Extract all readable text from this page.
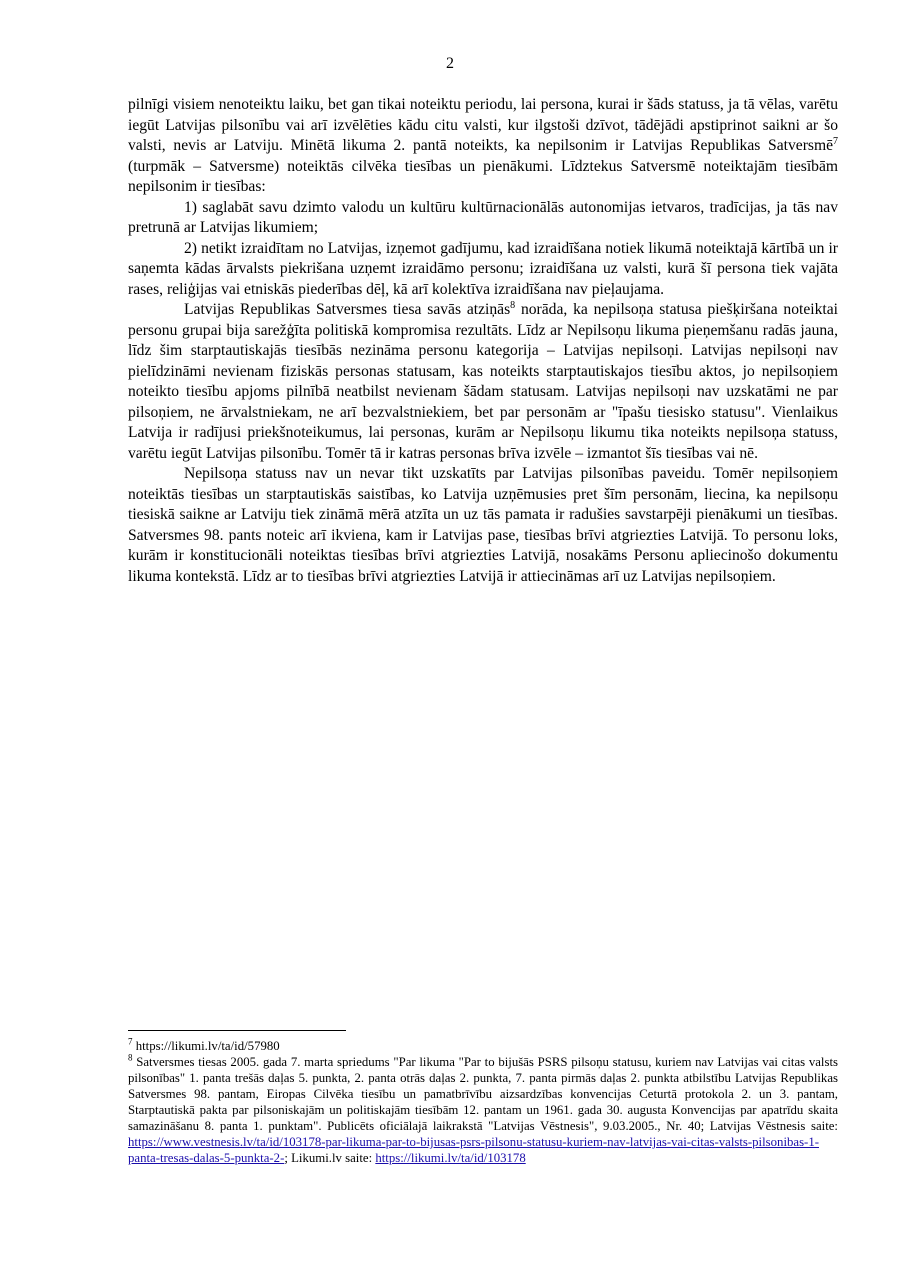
2

pilnīgi visiem nenoteiktu laiku, bet gan tikai noteiktu periodu, lai persona, kurai ir šāds statuss, ja tā vēlas, varētu iegūt Latvijas pilsonību vai arī izvēlēties kādu citu valsti, kur ilgstoši dzīvot, tādējādi apstiprinot saikni ar šo valsti, nevis ar Latviju. Minētā likuma 2. pantā noteikts, ka nepilsonim ir Latvijas Republikas Satversmē$^7$ (turpmāk – Satversme) noteiktās cilvēka tiesības un pienākumi. Līdztekus Satversmē noteiktajām tiesībām nepilsonim ir tiesības:

1) saglabāt savu dzimto valodu un kultūru kultūrnacionālās autonomijas ietvaros, tradīcijas, ja tās nav pretrunā ar Latvijas likumiem;

2) netikt izraidītam no Latvijas, izņemot gadījumu, kad izraidīšana notiek likumā noteiktajā kārtībā un ir saņemta kādas ārvalsts piekrišana uzņemt izraidāmo personu; izraidīšana uz valsti, kurā šī persona tiek vajāta rases, reliģijas vai etniskās piederības dēļ, kā arī kolektīva izraidīšana nav pieļaujama.

Latvijas Republikas Satversmes tiesa savās atziņās$^8$ norāda, ka nepilsoņa statusa piešķiršana noteiktai personu grupai bija sarežģīta politiskā kompromisa rezultāts. Līdz ar Nepilsoņu likuma pieņemšanu radās jauna, līdz šim starptautiskajās tiesībās nezināma personu kategorija – Latvijas nepilsoņi. Latvijas nepilsoņi nav pielīdzināmi nevienam fiziskās personas statusam, kas noteikts starptautiskajos tiesību aktos, jo nepilsoņiem noteikto tiesību apjoms pilnībā neatbilst nevienam šādam statusam. Latvijas nepilsoņi nav uzskatāmi ne par pilsoņiem, ne ārvalstniekam, ne arī bezvalstniekiem, bet par personām ar "īpašu tiesisko statusu". Vienlaikus Latvija ir radījusi priekšnoteikumus, lai personas, kurām ar Nepilsoņu likumu tika noteikts nepilsoņa statuss, varētu iegūt Latvijas pilsonību. Tomēr tā ir katras personas brīva izvēle – izmantot šīs tiesības vai nē.

Nepilsoņa statuss nav un nevar tikt uzskatīts par Latvijas pilsonības paveidu. Tomēr nepilsoņiem noteiktās tiesības un starptautiskās saistības, ko Latvija uzņēmusies pret šīm personām, liecina, ka nepilsoņu tiesiskā saikne ar Latviju tiek zināmā mērā atzīta un uz tās pamata ir radušies savstarpēji pienākumi un tiesības. Satversmes 98. pants noteic arī ikviena, kam ir Latvijas pase, tiesības brīvi atgriezties Latvijā. To personu loks, kurām ir konstitucionāli noteiktas tiesības brīvi atgriezties Latvijā, nosakāms Personu apliecinošo dokumentu likuma kontekstā. Līdz ar to tiesības brīvi atgriezties Latvijā ir attiecināmas arī uz Latvijas nepilsoņiem.

$^7$ https://likumi.lv/ta/id/57980

$^8$ Satversmes tiesas 2005. gada 7. marta spriedums "Par likuma "Par to bijušās PSRS pilsoņu statusu, kuriem nav Latvijas vai citas valsts pilsonības" 1. panta trešās daļas 5. punkta, 2. panta otrās daļas 2. punkta, 7. panta pirmās daļas 2. punkta atbilstību Latvijas Republikas Satversmes 98. pantam, Eiropas Cilvēka tiesību un pamatbrīvību aizsardzības konvencijas Ceturtā protokola 2. un 3. pantam, Starptautiskā pakta par pilsoniskajām un politiskajām tiesībām 12. pantam un 1961. gada 30. augusta Konvencijas par apatrīdu skaita samazināšanu 8. panta 1. punktam". Publicēts oficiālajā laikrakstā "Latvijas Vēstnesis", 9.03.2005., Nr. 40; Latvijas Vēstnesis saite: https://www.vestnesis.lv/ta/id/103178-par-likuma-par-to-bijusas-psrs-pilsonu-statusu-kuriem-nav-latvijas-vai-citas-valsts-pilsonibas-1-panta-tresas-dalas-5-punkta-2-; Likumi.lv saite: https://likumi.lv/ta/id/103178
